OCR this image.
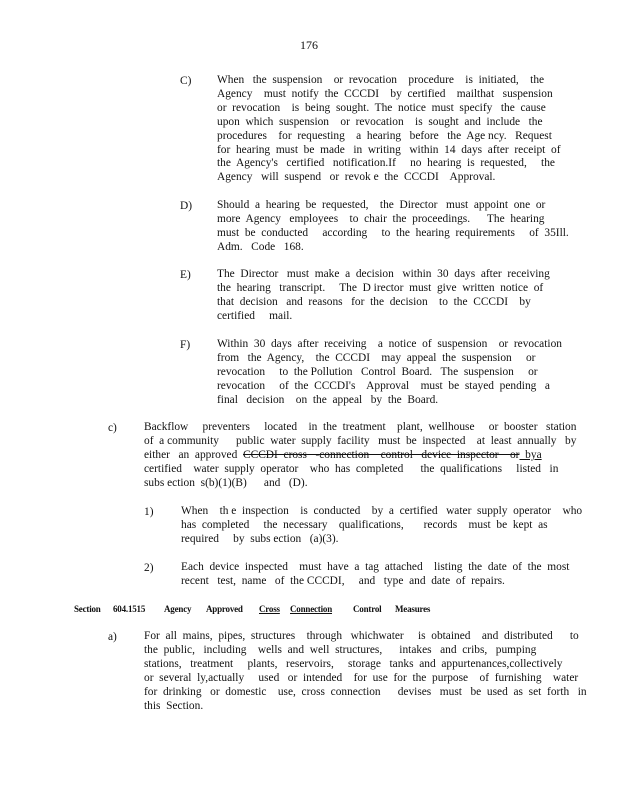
176
C) When   the  suspension    or  revocation    procedure    is  initiated,    the
Agency    must  notify  the  CCCDI    by  certified    mailthat   suspension
or  revocation    is  being  sought.  The  notice  must  specify   the  cause
upon  which  suspension    or  revocation    is  sought  and  include   the
procedures    for  requesting    a  hearing   before   the  Age ncy.   Request
for  hearing  must  be  made   in  writing   within  14  days  after  receipt  of
the  Agency's   certified   notification.If     no  hearing  is  requested,     the
Agency   will  suspend   or  revok e  the  CCCDI    Approval.
D) Should  a  hearing  be  requested,    the  Director   must  appoint  one  or
more  Agency   employees    to  chair  the  proceedings.      The  hearing
must  be  conducted     according     to  the  hearing  requirements     of  35Ill.
Adm.   Code   168.
E) The  Director   must  make  a  decision   within  30  days  after  receiving
the  hearing   transcript.     The  D irector  must  give  written  notice  of
that  decision   and  reasons   for  the  decision    to  the  CCCDI    by
certified     mail.
F) Within  30  days  after  receiving    a  notice  of  suspension    or  revocation
from   the  Agency,    the  CCCDI    may  appeal  the  suspension     or
revocation     to  the Pollution   Control  Board.   The  suspension     or
revocation     of  the  CCCDI's    Approval    must  be  stayed  pending   a
final   decision    on  the  appeal   by  the  Board.
c) Backflow     preventers     located    in  the  treatment    plant,  wellhouse     or  booster   station
of  a community      public  water  supply  facility   must  be  inspected    at  least  annually   by
either   an  approved  CCCDI  cross   -connection    control   device  inspector    or  bya
certified    water  supply  operator    who  has  completed      the  qualifications     listed   in
subs ection  s(b)(1)(B)      and   (D).
1) When    th e  inspection    is  conducted    by  a  certified   water  supply  operator    who
has  completed     the  necessary    qualifications,       records    must  be  kept  as
required     by  subs ection   (a)(3).
2) Each  device  inspected    must  have  a  tag  attached    listing  the  date  of  the  most
recent   test,  name   of  the CCCDI,     and   type  and  date  of  repairs.
Section 604.1515 Agency Approved Cross Connection Control Measures
a) For  all  mains,  pipes,  structures    through   whichwater     is  obtained    and  distributed      to
the  public,   including    wells  and  well  structures,      intakes   and  cribs,   pumping
stations,   treatment     plants,   reservoirs,     storage   tanks  and  appurtenances,collectively
or  several  ly,actually     used   or  intended    for  use  for  the  purpose    of  furnishing    water
for  drinking   or  domestic    use,  cross  connection      devises   must   be  used  as  set  forth   in
this  Section.
